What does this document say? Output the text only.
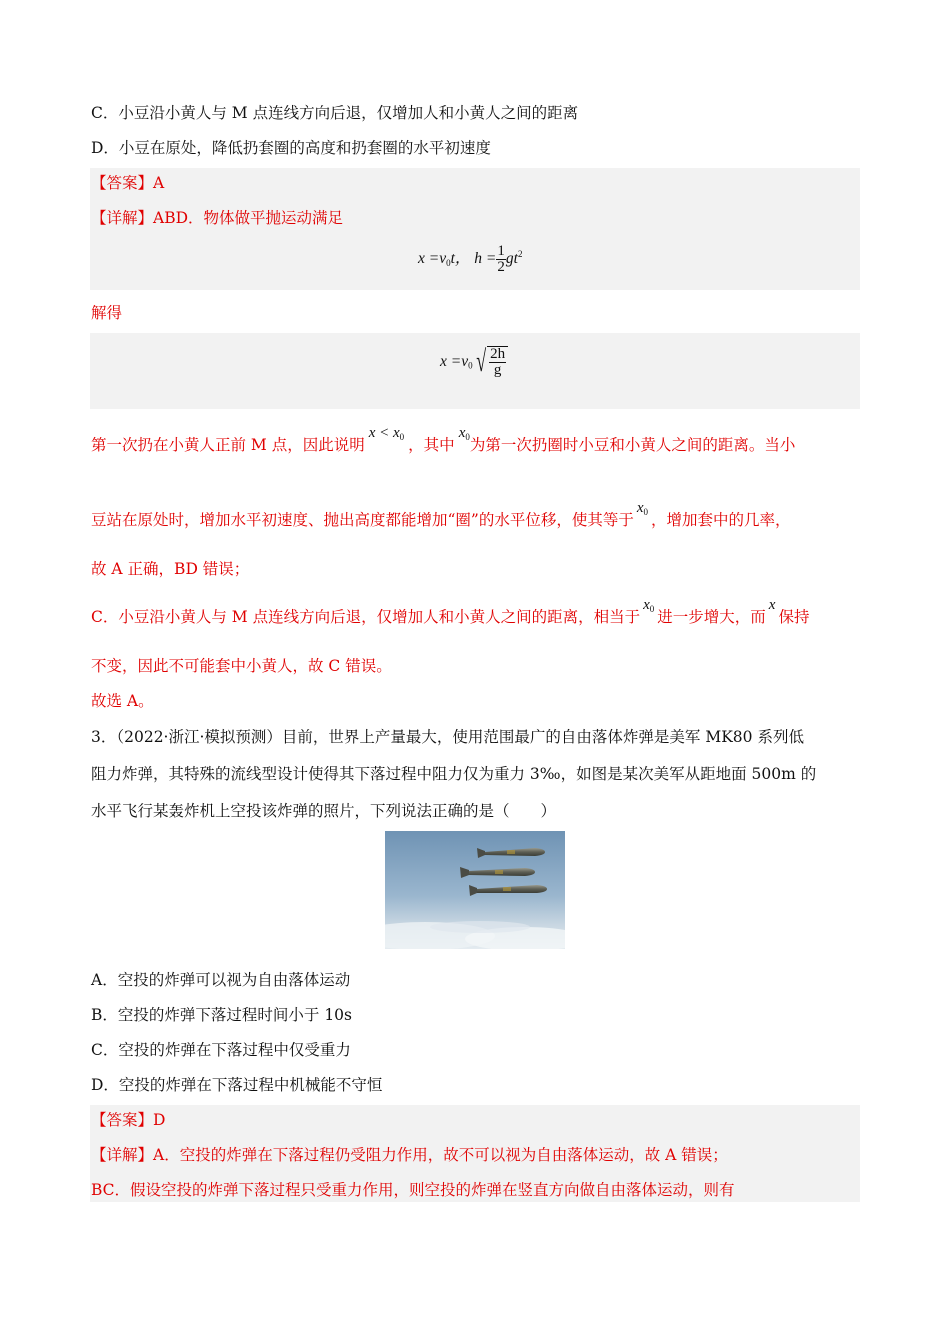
C．小豆沿小黄人与 M 点连线方向后退，仅增加人和小黄人之间的距离
D．小豆在原处，降低扔套圈的高度和扔套圈的水平初速度
【答案】A
【详解】ABD．物体做平抛运动满足
$x =v_0t$， $h = \frac{1}{2} gt^2$
解得
$x =v_0$ √ $\frac{2h}{g}$
第一次扔在小黄人正前 M 点，因此说明$x < x_0$ ，其中$x_0$为第一次扔圈时小豆和小黄人之间的距离。当小
豆站在原处时，增加水平初速度、抛出高度都能增加“圈”的水平位移，使其等于$x_0$ ，增加套中的几率，
故 A 正确，BD 错误；
C．小豆沿小黄人与 M 点连线方向后退，仅增加人和小黄人之间的距离，相当于$x_0$ 进一步增大，而x保持
不变，因此不可能套中小黄人，故 C 错误。
故选 A。
3．（2022·浙江·模拟预测）目前，世界上产量最大，使用范围最广的自由落体炸弹是美军 MK80 系列低
阻力炸弹，其特殊的流线型设计使得其下落过程中阻力仅为重力 3‰，如图是某次美军从距地面 500m 的
水平飞行某轰炸机上空投该炸弹的照片，下列说法正确的是（　　）
A．空投的炸弹可以视为自由落体运动
B．空投的炸弹下落过程时间小于 10s
C．空投的炸弹在下落过程中仅受重力
D．空投的炸弹在下落过程中机械能不守恒
【答案】D
【详解】A．空投的炸弹在下落过程仍受阻力作用，故不可以视为自由落体运动，故 A 错误；
BC．假设空投的炸弹下落过程只受重力作用，则空投的炸弹在竖直方向做自由落体运动，则有
